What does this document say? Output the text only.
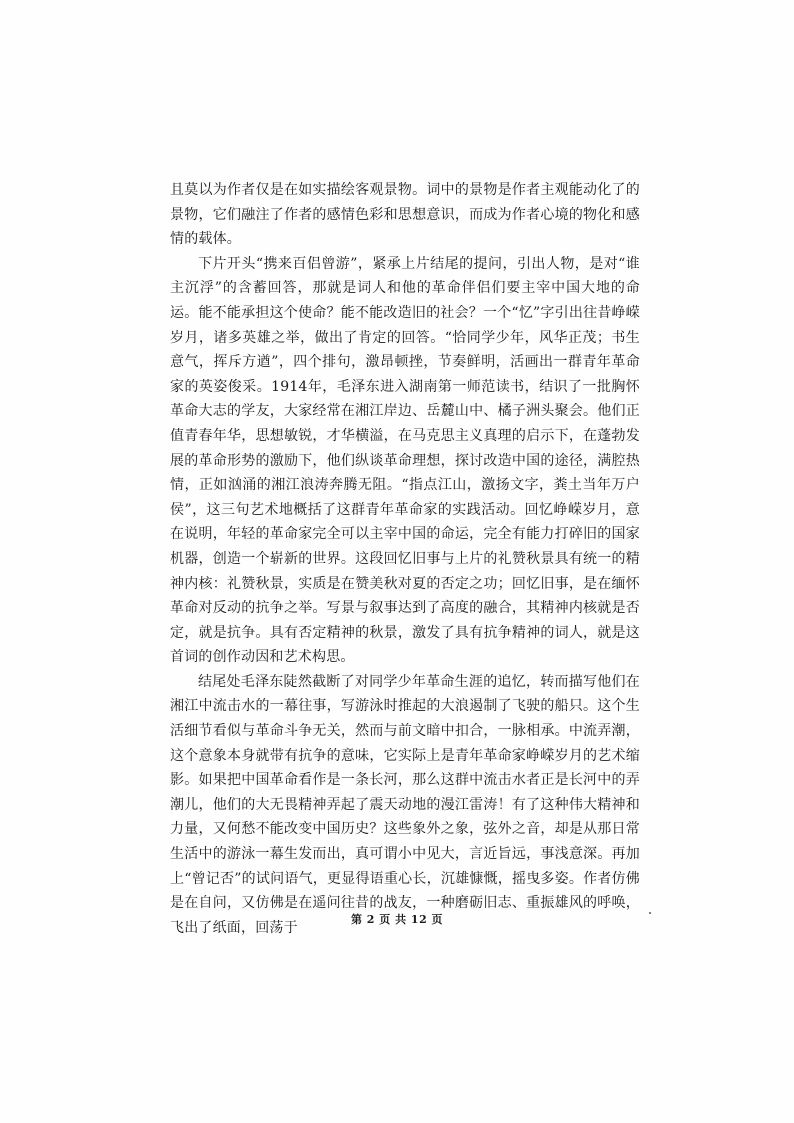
且莫以为作者仅是在如实描绘客观景物。词中的景物是作者主观能动化了的景物，它们融注了作者的感情色彩和思想意识，而成为作者心境的物化和感情的载体。

下片开头“携来百侣曾游”，紧承上片结尾的提问，引出人物，是对“谁主沉浮”的含蓄回答，那就是词人和他的革命伴侣们要主宰中国大地的命运。能不能承担这个使命？能不能改造旧的社会？一个“忆”字引出往昔峥嵘岁月，诸多英雄之举，做出了肯定的回答。“恰同学少年，风华正茂；书生意气，挥斥方遒”，四个排句，激昂顿挫，节奏鲜明，活画出一群青年革命家的英姿俊采。1914年，毛泽东进入湖南第一师范读书，结识了一批胸怀革命大志的学友，大家经常在湘江岸边、岳麓山中、橘子洲头聚会。他们正值青春年华，思想敏锐，才华横溢，在马克思主义真理的启示下，在蓬勃发展的革命形势的激励下，他们纵谈革命理想，探讨改造中国的途径，满腔热情，正如汹涌的湘江浪涛奔腾无阻。“指点江山，激扬文字，粪土当年万户侯”，这三句艺术地概括了这群青年革命家的实践活动。回忆峥嵘岁月，意在说明，年轻的革命家完全可以主宰中国的命运，完全有能力打碎旧的国家机器，创造一个崭新的世界。这段回忆旧事与上片的礼赞秋景具有统一的精神内核：礼赞秋景，实质是在赞美秋对夏的否定之功；回忆旧事，是在缅怀革命对反动的抗争之举。写景与叙事达到了高度的融合，其精神内核就是否定，就是抗争。具有否定精神的秋景，激发了具有抗争精神的词人，就是这首词的创作动因和艺术构思。

结尾处毛泽东陡然截断了对同学少年革命生涯的追忆，转而描写他们在湘江中流击水的一幕往事，写游泳时推起的大浪遏制了飞驶的船只。这个生活细节看似与革命斗争无关，然而与前文暗中扣合，一脉相承。中流弄潮，这个意象本身就带有抗争的意味，它实际上是青年革命家峥嵘岁月的艺术缩影。如果把中国革命看作是一条长河，那么这群中流击水者正是长河中的弄潮儿，他们的大无畏精神弄起了震天动地的漫江雷涛！有了这种伟大精神和力量，又何愁不能改变中国历史？这些象外之象，弦外之音，却是从那日常生活中的游泳一幕生发而出，真可谓小中见大，言近旨远，事浅意深。再加上“曾记否”的试问语气，更显得语重心长，沉雄慷慨，摇曳多姿。作者仿佛是在自问，又仿佛是在遥问往昔的战友，一种磨砺旧志、重振雄风的呼唤，飞出了纸面，回荡于

第 2 页 共 12 页
